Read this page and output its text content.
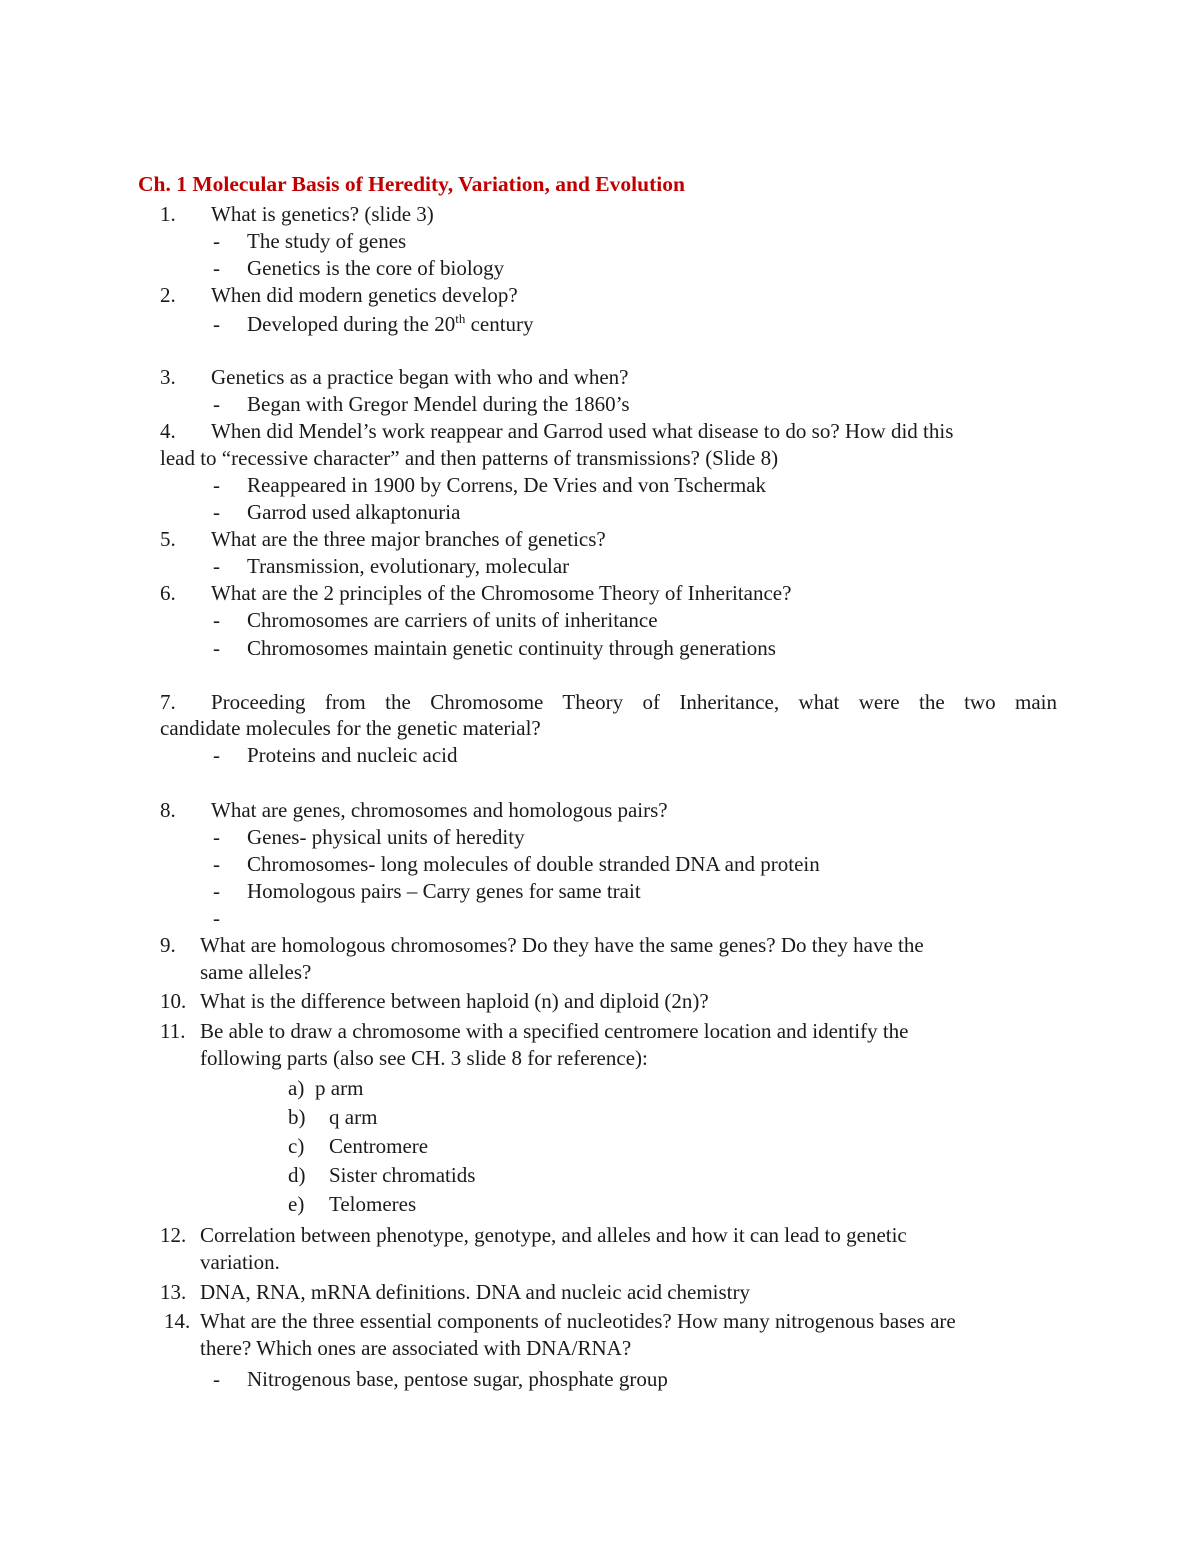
Ch. 1 Molecular Basis of Heredity, Variation, and Evolution
1. What is genetics? (slide 3)
- The study of genes
- Genetics is the core of biology
2. When did modern genetics develop?
- Developed during the 20th century
3. Genetics as a practice began with who and when?
- Began with Gregor Mendel during the 1860’s
4. When did Mendel’s work reappear and Garrod used what disease to do so? How did this
lead to “recessive character” and then patterns of transmissions? (Slide 8)
- Reappeared in 1900 by Correns, De Vries and von Tschermak
- Garrod used alkaptonuria
5. What are the three major branches of genetics?
- Transmission, evolutionary, molecular
6. What are the 2 principles of the Chromosome Theory of Inheritance?
- Chromosomes are carriers of units of inheritance
- Chromosomes maintain genetic continuity through generations
7. Proceeding from the Chromosome Theory of Inheritance, what were the two main
candidate molecules for the genetic material?
- Proteins and nucleic acid
8. What are genes, chromosomes and homologous pairs?
- Genes- physical units of heredity
- Chromosomes- long molecules of double stranded DNA and protein
- Homologous pairs – Carry genes for same trait
-
9. What are homologous chromosomes? Do they have the same genes? Do they have the
same alleles?
10. What is the difference between haploid (n) and diploid (2n)?
11. Be able to draw a chromosome with a specified centromere location and identify the
following parts (also see CH. 3 slide 8 for reference):
a) p arm
b) q arm
c) Centromere
d) Sister chromatids
e) Telomeres
12. Correlation between phenotype, genotype, and alleles and how it can lead to genetic
variation.
13. DNA, RNA, mRNA definitions. DNA and nucleic acid chemistry
14. What are the three essential components of nucleotides? How many nitrogenous bases are
there? Which ones are associated with DNA/RNA?
- Nitrogenous base, pentose sugar, phosphate group
